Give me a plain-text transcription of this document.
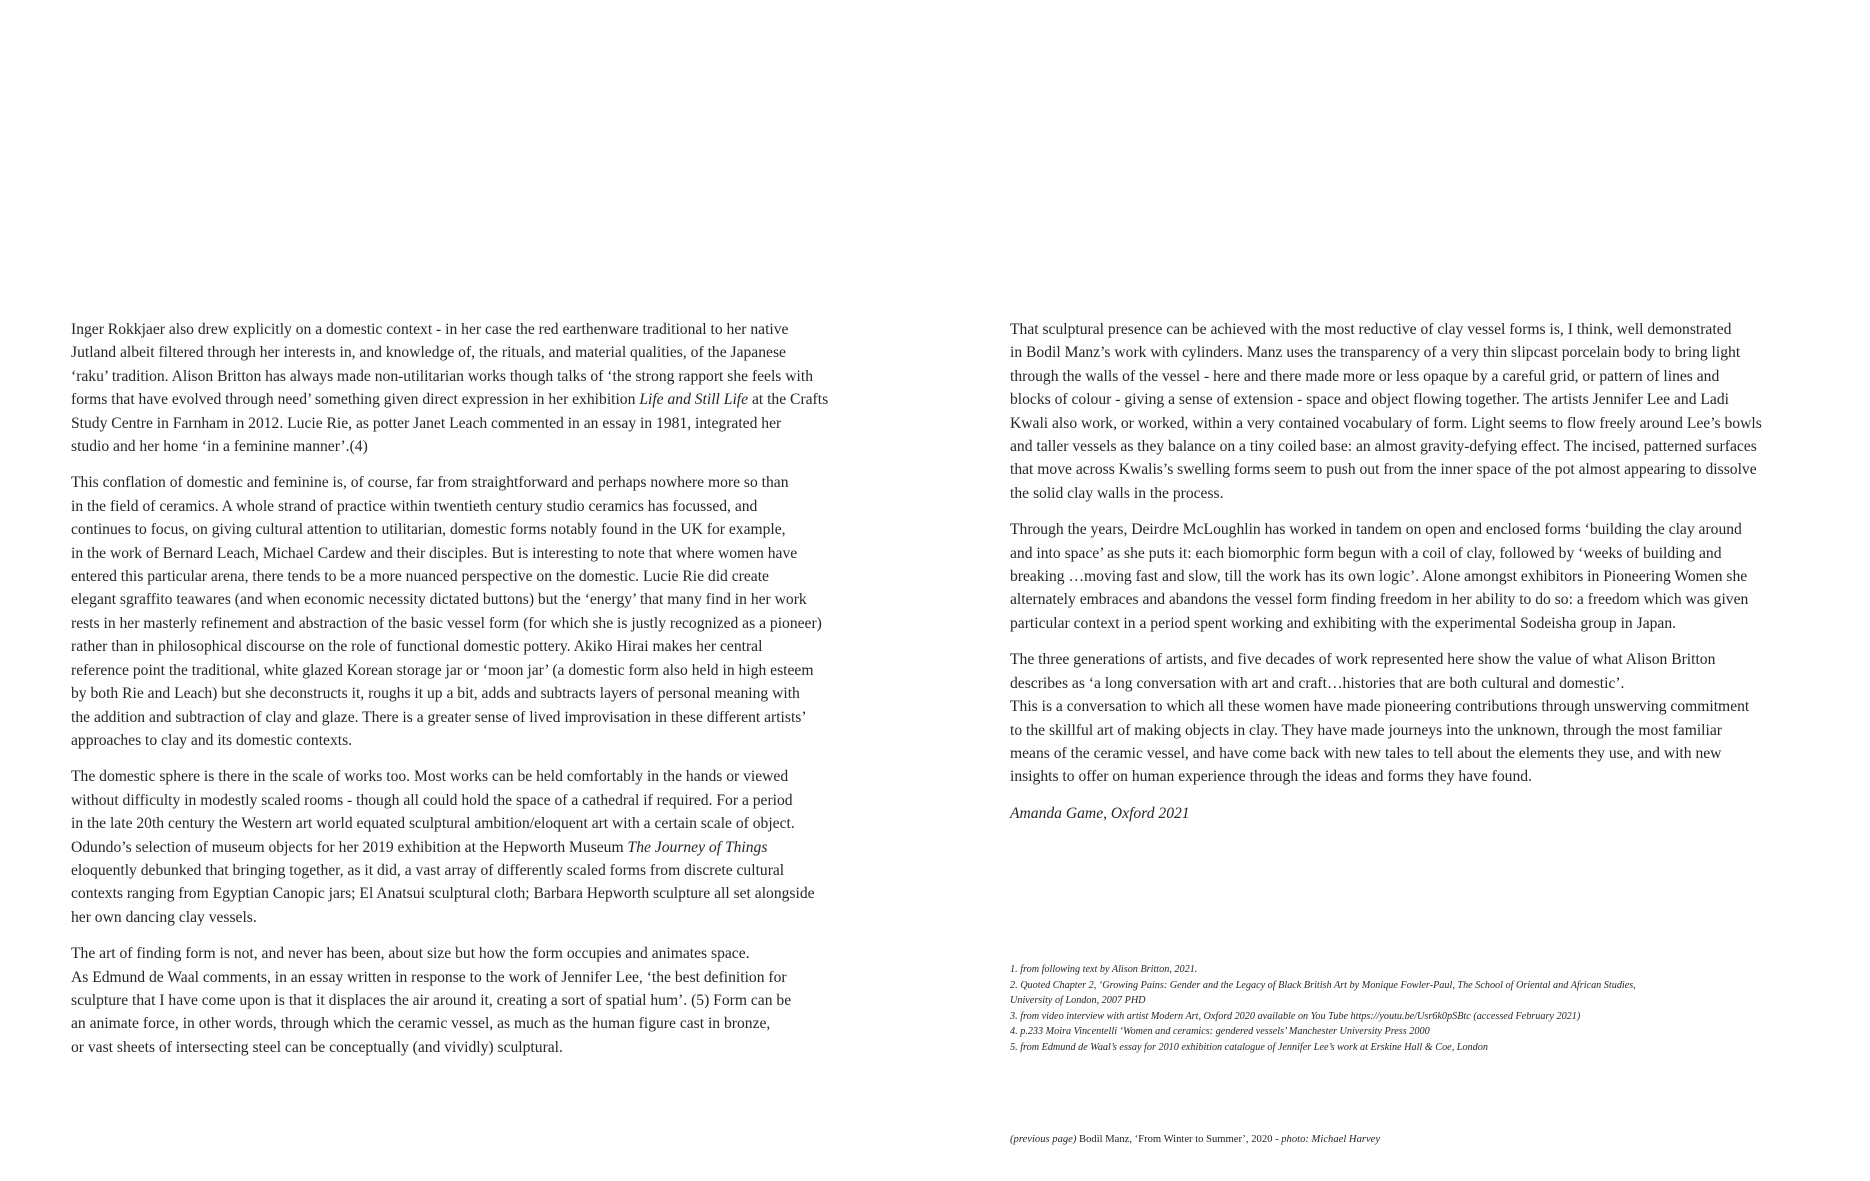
Inger Rokkjaer also drew explicitly on a domestic context - in her case the red earthenware traditional to her native
Jutland albeit filtered through her interests in, and knowledge of, the rituals, and material qualities, of the Japanese
‘raku’ tradition. Alison Britton has always made non-utilitarian works though talks of ‘the strong rapport she feels with
forms that have evolved through need’ something given direct expression in her exhibition Life and Still Life at the Crafts
Study Centre in Farnham in 2012. Lucie Rie, as potter Janet Leach commented in an essay in 1981, integrated her
studio and her home ‘in a feminine manner’.(4)

This conflation of domestic and feminine is, of course, far from straightforward and perhaps nowhere more so than
in the field of ceramics. A whole strand of practice within twentieth century studio ceramics has focussed, and
continues to focus, on giving cultural attention to utilitarian, domestic forms notably found in the UK for example,
in the work of Bernard Leach, Michael Cardew and their disciples. But is interesting to note that where women have
entered this particular arena, there tends to be a more nuanced perspective on the domestic. Lucie Rie did create
elegant sgraffito teawares (and when economic necessity dictated buttons) but the ‘energy’ that many find in her work
rests in her masterly refinement and abstraction of the basic vessel form (for which she is justly recognized as a pioneer)
rather than in philosophical discourse on the role of functional domestic pottery. Akiko Hirai makes her central
reference point the traditional, white glazed Korean storage jar or ‘moon jar’ (a domestic form also held in high esteem
by both Rie and Leach) but she deconstructs it, roughs it up a bit, adds and subtracts layers of personal meaning with
the addition and subtraction of clay and glaze. There is a greater sense of lived improvisation in these different artists’
approaches to clay and its domestic contexts.

The domestic sphere is there in the scale of works too. Most works can be held comfortably in the hands or viewed
without difficulty in modestly scaled rooms - though all could hold the space of a cathedral if required. For a period
in the late 20th century the Western art world equated sculptural ambition/eloquent art with a certain scale of object.
Odundo’s selection of museum objects for her 2019 exhibition at the Hepworth Museum The Journey of Things
eloquently debunked that bringing together, as it did, a vast array of differently scaled forms from discrete cultural
contexts ranging from Egyptian Canopic jars; El Anatsui sculptural cloth; Barbara Hepworth sculpture all set alongside
her own dancing clay vessels.

The art of finding form is not, and never has been, about size but how the form occupies and animates space.
As Edmund de Waal comments, in an essay written in response to the work of Jennifer Lee, ‘the best definition for
sculpture that I have come upon is that it displaces the air around it, creating a sort of spatial hum’. (5) Form can be
an animate force, in other words, through which the ceramic vessel, as much as the human figure cast in bronze,
or vast sheets of intersecting steel can be conceptually (and vividly) sculptural.

That sculptural presence can be achieved with the most reductive of clay vessel forms is, I think, well demonstrated
in Bodil Manz’s work with cylinders. Manz uses the transparency of a very thin slipcast porcelain body to bring light
through the walls of the vessel - here and there made more or less opaque by a careful grid, or pattern of lines and
blocks of colour - giving a sense of extension - space and object flowing together. The artists Jennifer Lee and Ladi
Kwali also work, or worked, within a very contained vocabulary of form. Light seems to flow freely around Lee’s bowls
and taller vessels as they balance on a tiny coiled base: an almost gravity-defying effect. The incised, patterned surfaces
that move across Kwalis’s swelling forms seem to push out from the inner space of the pot almost appearing to dissolve
the solid clay walls in the process.

Through the years, Deirdre McLoughlin has worked in tandem on open and enclosed forms ‘building the clay around
and into space’ as she puts it: each biomorphic form begun with a coil of clay, followed by ‘weeks of building and
breaking …moving fast and slow, till the work has its own logic’. Alone amongst exhibitors in Pioneering Women she
alternately embraces and abandons the vessel form finding freedom in her ability to do so: a freedom which was given
particular context in a period spent working and exhibiting with the experimental Sodeisha group in Japan.

The three generations of artists, and five decades of work represented here show the value of what Alison Britton
describes as ‘a long conversation with art and craft…histories that are both cultural and domestic’.
This is a conversation to which all these women have made pioneering contributions through unswerving commitment
to the skillful art of making objects in clay. They have made journeys into the unknown, through the most familiar
means of the ceramic vessel, and have come back with new tales to tell about the elements they use, and with new
insights to offer on human experience through the ideas and forms they have found.

Amanda Game, Oxford 2021

1. from following text by Alison Britton, 2021.
2. Quoted Chapter 2, ‘Growing Pains: Gender and the Legacy of Black British Art by Monique Fowler-Paul, The School of Oriental and African Studies,
University of London, 2007 PHD
3. from video interview with artist Modern Art, Oxford 2020 available on You Tube https://youtu.be/Usr6k0pSBtc (accessed February 2021)
4. p.233 Moira Vincentelli ‘Women and ceramics: gendered vessels’ Manchester University Press 2000
5. from Edmund de Waal’s essay for 2010 exhibition catalogue of Jennifer Lee’s work at Erskine Hall & Coe, London
(previous page) Bodil Manz, ‘From Winter to Summer’, 2020 - photo: Michael Harvey
